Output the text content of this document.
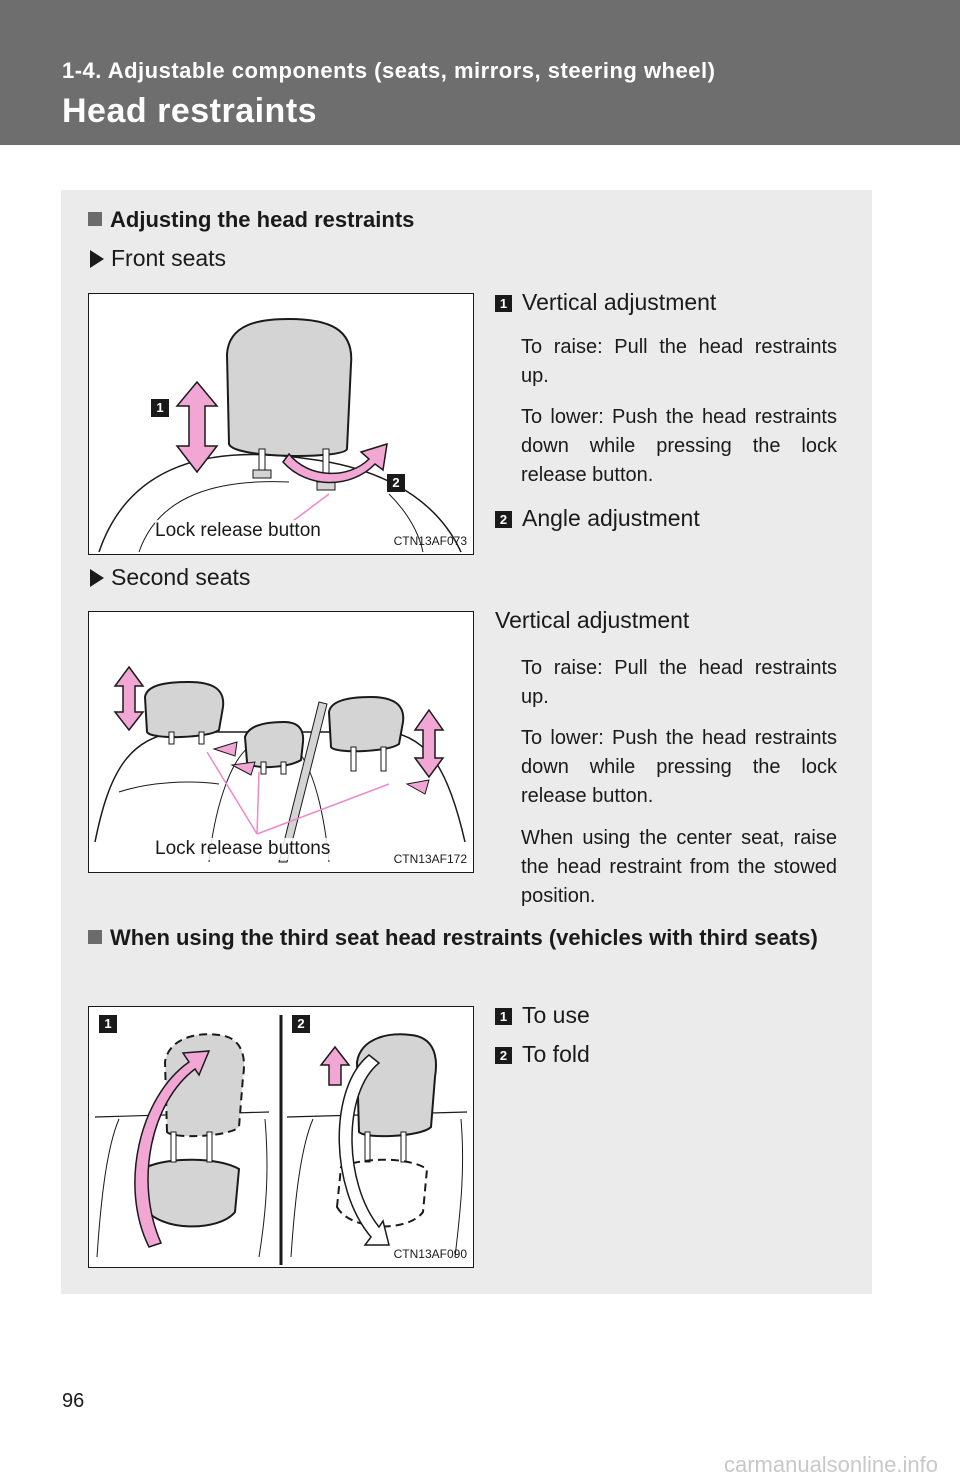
1-4. Adjustable components (seats, mirrors, steering wheel)
Head restraints
Adjusting the head restraints
Front seats
1
2
Lock release button	CTN13AF073
1 Vertical adjustment
To raise: Pull the head restraints up.
To lower: Push the head restraints down while pressing the lock release button.
2 Angle adjustment
Second seats
Lock release buttons	CTN13AF172
Vertical adjustment
To raise: Pull the head restraints up.
To lower: Push the head restraints down while pressing the lock release button.
When using the center seat, raise the head restraint from the stowed position.
When using the third seat head restraints (vehicles with third seats)
1	2
CTN13AF090
1 To use
2 To fold
96
carmanualsonline.info
